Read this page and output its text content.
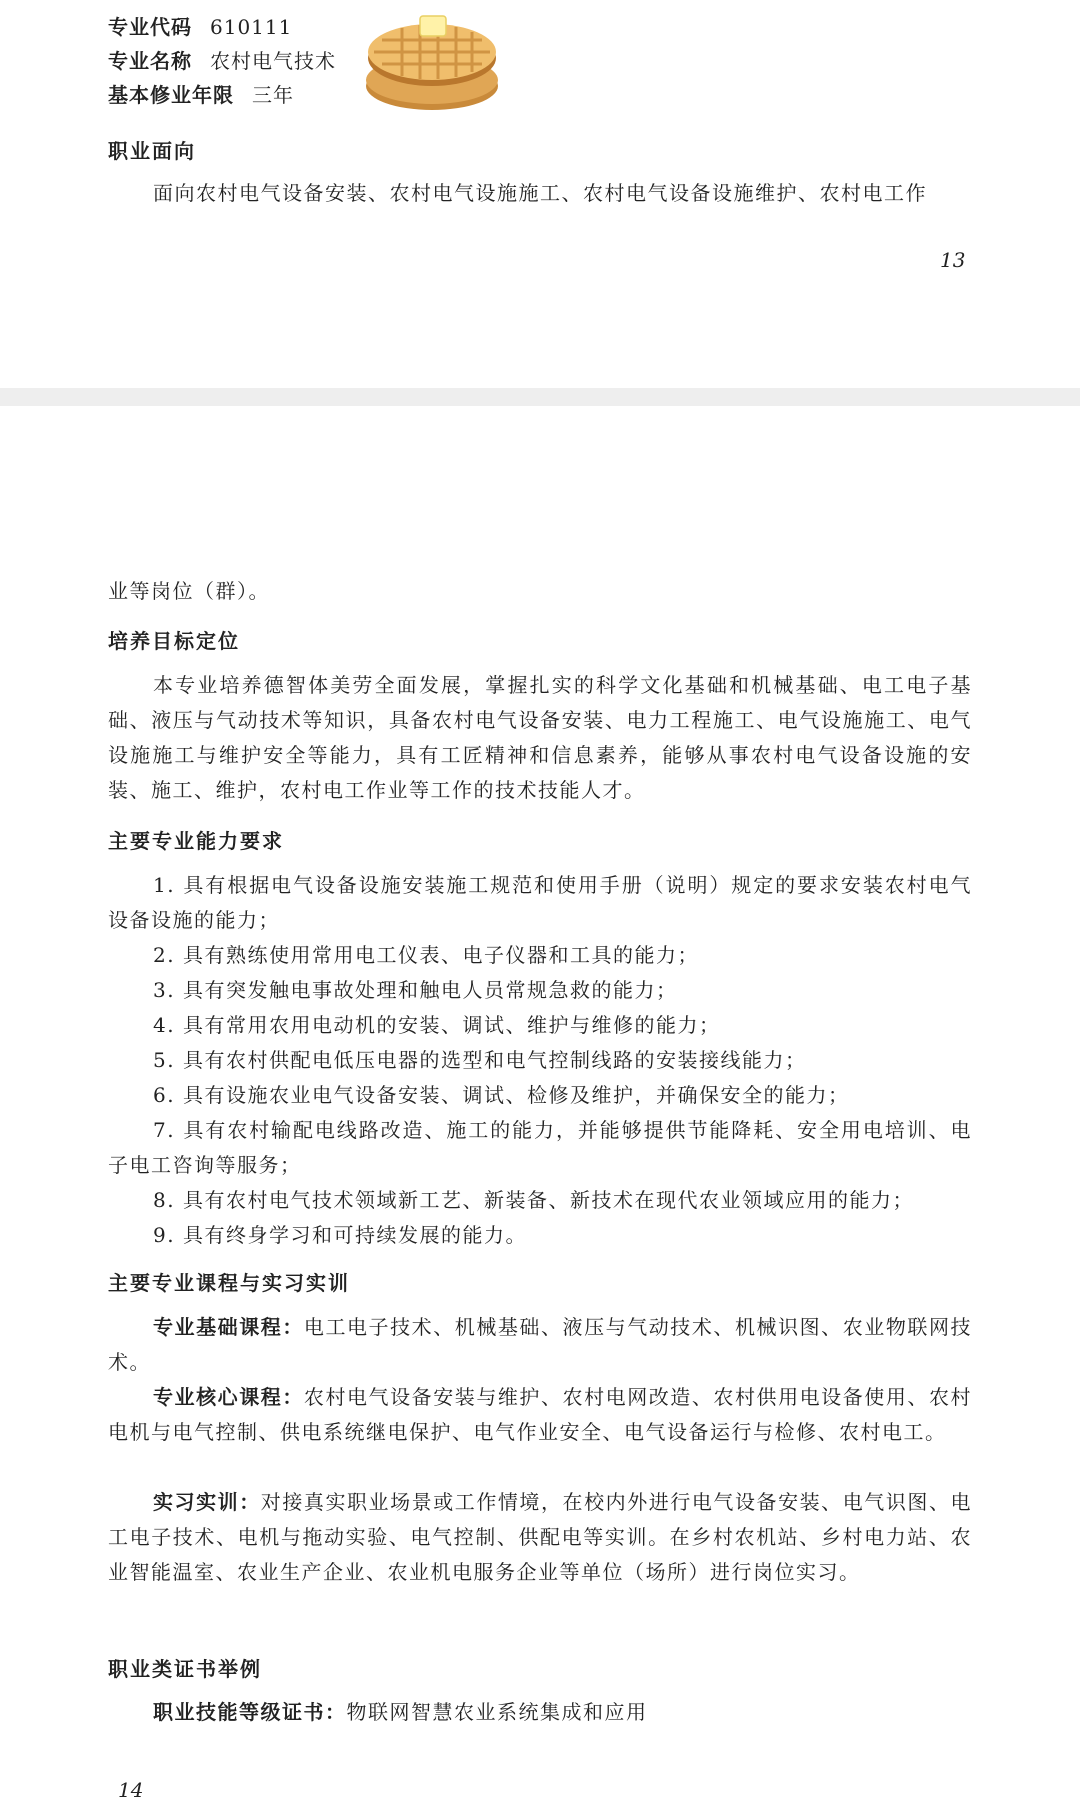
专业代码 610111
专业名称 农村电气技术
基本修业年限 三年
职业面向
面向农村电气设备安装、农村电气设施施工、农村电气设备设施维护、农村电工作
13
业等岗位（群）。
培养目标定位
本专业培养德智体美劳全面发展，掌握扎实的科学文化基础和机械基础、电工电子基础、液压与气动技术等知识，具备农村电气设备安装、电力工程施工、电气设施施工、电气设施施工与维护安全等能力，具有工匠精神和信息素养，能够从事农村电气设备设施的安装、施工、维护，农村电工作业等工作的技术技能人才。
主要专业能力要求
1. 具有根据电气设备设施安装施工规范和使用手册（说明）规定的要求安装农村电气设备设施的能力；
2. 具有熟练使用常用电工仪表、电子仪器和工具的能力；
3. 具有突发触电事故处理和触电人员常规急救的能力；
4. 具有常用农用电动机的安装、调试、维护与维修的能力；
5. 具有农村供配电低压电器的选型和电气控制线路的安装接线能力；
6. 具有设施农业电气设备安装、调试、检修及维护，并确保安全的能力；
7. 具有农村输配电线路改造、施工的能力，并能够提供节能降耗、安全用电培训、电子电工咨询等服务；
8. 具有农村电气技术领域新工艺、新装备、新技术在现代农业领域应用的能力；
9. 具有终身学习和可持续发展的能力。
主要专业课程与实习实训
专业基础课程：电工电子技术、机械基础、液压与气动技术、机械识图、农业物联网技术。
专业核心课程：农村电气设备安装与维护、农村电网改造、农村供用电设备使用、农村电机与电气控制、供电系统继电保护、电气作业安全、电气设备运行与检修、农村电工。
实习实训：对接真实职业场景或工作情境，在校内外进行电气设备安装、电气识图、电工电子技术、电机与拖动实验、电气控制、供配电等实训。在乡村农机站、乡村电力站、农业智能温室、农业生产企业、农业机电服务企业等单位（场所）进行岗位实习。
职业类证书举例
职业技能等级证书：物联网智慧农业系统集成和应用
14
